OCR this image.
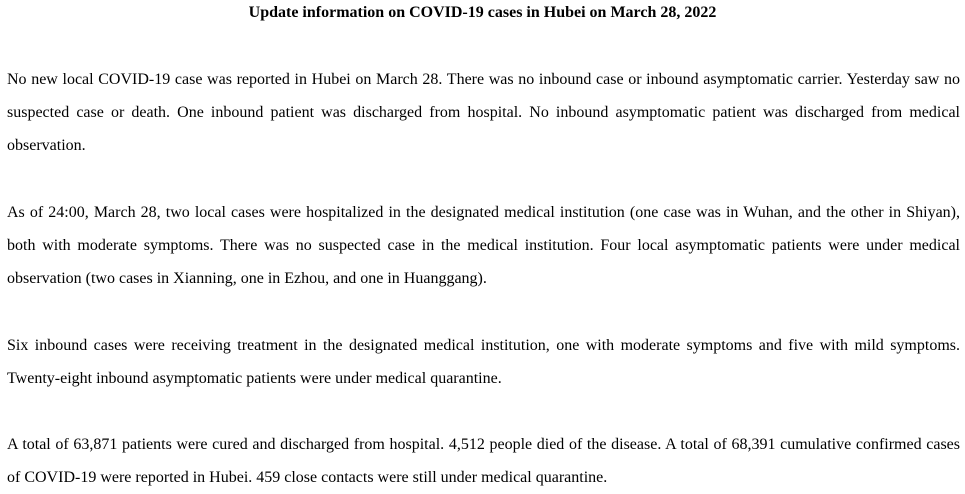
Update information on COVID-19 cases in Hubei on March 28, 2022

No new local COVID-19 case was reported in Hubei on March 28. There was no inbound case or inbound asymptomatic carrier. Yesterday saw no suspected case or death. One inbound patient was discharged from hospital. No inbound asymptomatic patient was discharged from medical observation.

As of 24:00, March 28, two local cases were hospitalized in the designated medical institution (one case was in Wuhan, and the other in Shiyan), both with moderate symptoms. There was no suspected case in the medical institution. Four local asymptomatic patients were under medical observation (two cases in Xianning, one in Ezhou, and one in Huanggang).

Six inbound cases were receiving treatment in the designated medical institution, one with moderate symptoms and five with mild symptoms. Twenty-eight inbound asymptomatic patients were under medical quarantine.

A total of 63,871 patients were cured and discharged from hospital. 4,512 people died of the disease. A total of 68,391 cumulative confirmed cases of COVID-19 were reported in Hubei. 459 close contacts were still under medical quarantine.
